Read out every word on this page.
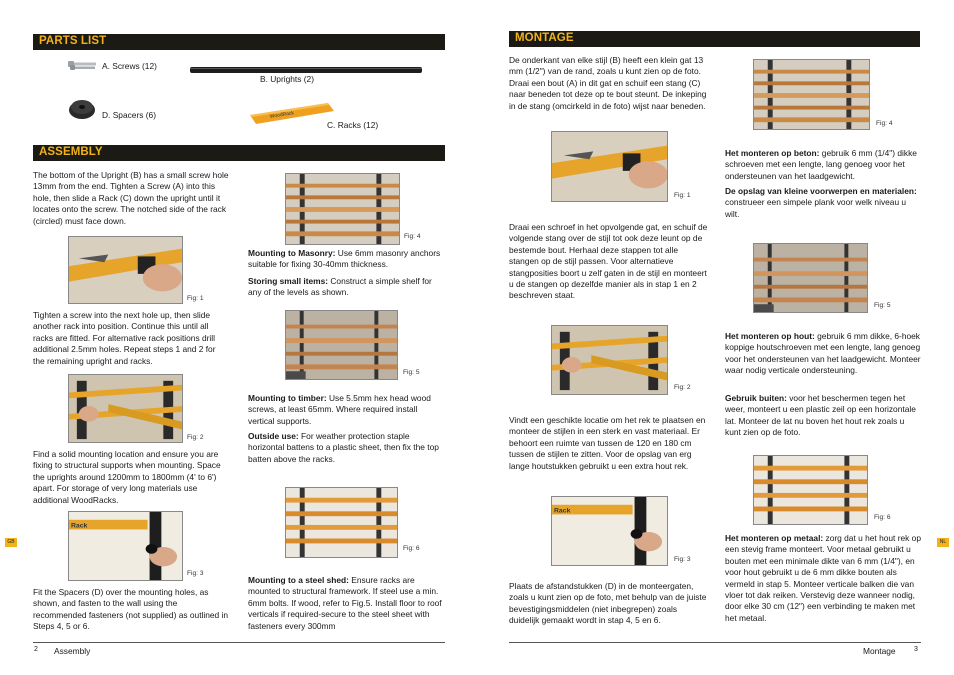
PARTS LIST
A. Screws (12)
B. Uprights (2)
D. Spacers (6)	WoodRack
C. Racks (12)
ASSEMBLY
The bottom of the Upright (B) has a small screw hole 13mm from the end. Tighten a Screw (A) into this hole, then slide a Rack (C) down the upright until it locates onto the screw. The notched side of the rack (circled) must face down.
Fig: 1
Tighten a screw into the next hole up, then slide another rack into position. Continue this until all racks are fitted. For alternative rack positions drill additional 2.5mm holes. Repeat steps 1 and 2 for the remaining upright and racks.
Fig: 2
Find a solid mounting location and ensure you are fixing to structural supports when mounting. Space the uprights around 1200mm to 1800mm (4' to 6') apart. For storage of very long materials use additional WoodRacks.
Rack
Fig: 3
Fit the Spacers (D) over the mounting holes, as shown, and fasten to the wall using the recommended fasteners (not supplied) as outlined in Steps 4, 5 or 6.
Fig: 4
Mounting to Masonry: Use 6mm masonry anchors suitable for fixing 30-40mm thickness.
Storing small items: Construct a simple shelf for any of the levels as shown.
Fig: 5
Mounting to timber: Use 5.5mm hex head wood screws, at least 65mm. Where required install vertical supports.
Outside use: For weather protection staple horizontal battens to a plastic sheet, then fix the top batten above the racks.
Fig: 6
Mounting to a steel shed: Ensure racks are mounted to structural framework. If steel use a min. 6mm bolts. If wood, refer to Fig.5. Install floor to roof verticals if required-secure to the steel sheet with fasteners every 300mm
GB
2 Assembly
MONTAGE
De onderkant van elke stijl (B) heeft een klein gat 13 mm (1/2") van de rand, zoals u kunt zien op de foto. Draai een bout (A) in dit gat en schuif een stang (C) naar beneden tot deze op te bout steunt. De inkeping in de stang (omcirkeld in de foto) wijst naar beneden.
Fig: 1
Draai een schroef in het opvolgende gat, en schuif de volgende stang over de stijl tot ook deze leunt op de bestemde bout. Herhaal deze stappen tot alle stangen op de stijl passen. Voor alternatieve stangposities boort u zelf gaten in de stijl en monteert u de stangen op dezelfde manier als in stap 1 en 2 beschreven staat.
Fig: 2
Vindt een geschikte locatie om het rek te plaatsen en monteer de stijlen in een sterk en vast materiaal. Er behoort een ruimte van tussen de 120 en 180 cm tussen de stijlen te zitten. Voor de opslag van erg lange houtstukken gebruikt u een extra hout rek.
Rack
Fig: 3
Plaats de afstandstukken (D) in de monteergaten, zoals u kunt zien op de foto, met behulp van de juiste bevestigingsmiddelen (niet inbegrepen) zoals duidelijk gemaakt wordt in stap 4, 5 en 6.
Fig: 4
Het monteren op beton: gebruik 6 mm (1/4") dikke schroeven met een lengte, lang genoeg voor het ondersteunen van het laadgewicht.
De opslag van kleine voorwerpen en materialen: construeer een simpele plank voor welk niveau u wilt.
Fig: 5
Het monteren op hout: gebruik 6 mm dikke, 6-hoek koppige houtschroeven met een lengte, lang genoeg voor het ondersteunen van het laadgewicht. Monteer waar nodig verticale ondersteuning.
Gebruik buiten: voor het beschermen tegen het weer, monteert u een plastic zeil op een horizontale lat. Monteer de lat nu boven het hout rek zoals u kunt zien op de foto.
Fig: 6
Het monteren op metaal: zorg dat u het hout rek op een stevig frame monteert. Voor metaal gebruikt u bouten met een minimale dikte van 6 mm (1/4"), en voor hout gebruikt u de 6 mm dikke bouten als vermeld in stap 5. Monteer verticale balken die van vloer tot dak reiken. Verstevig deze wanneer nodig, door elke 30 cm (12") een verbinding te maken met het metaal.
NL
Montage	3
